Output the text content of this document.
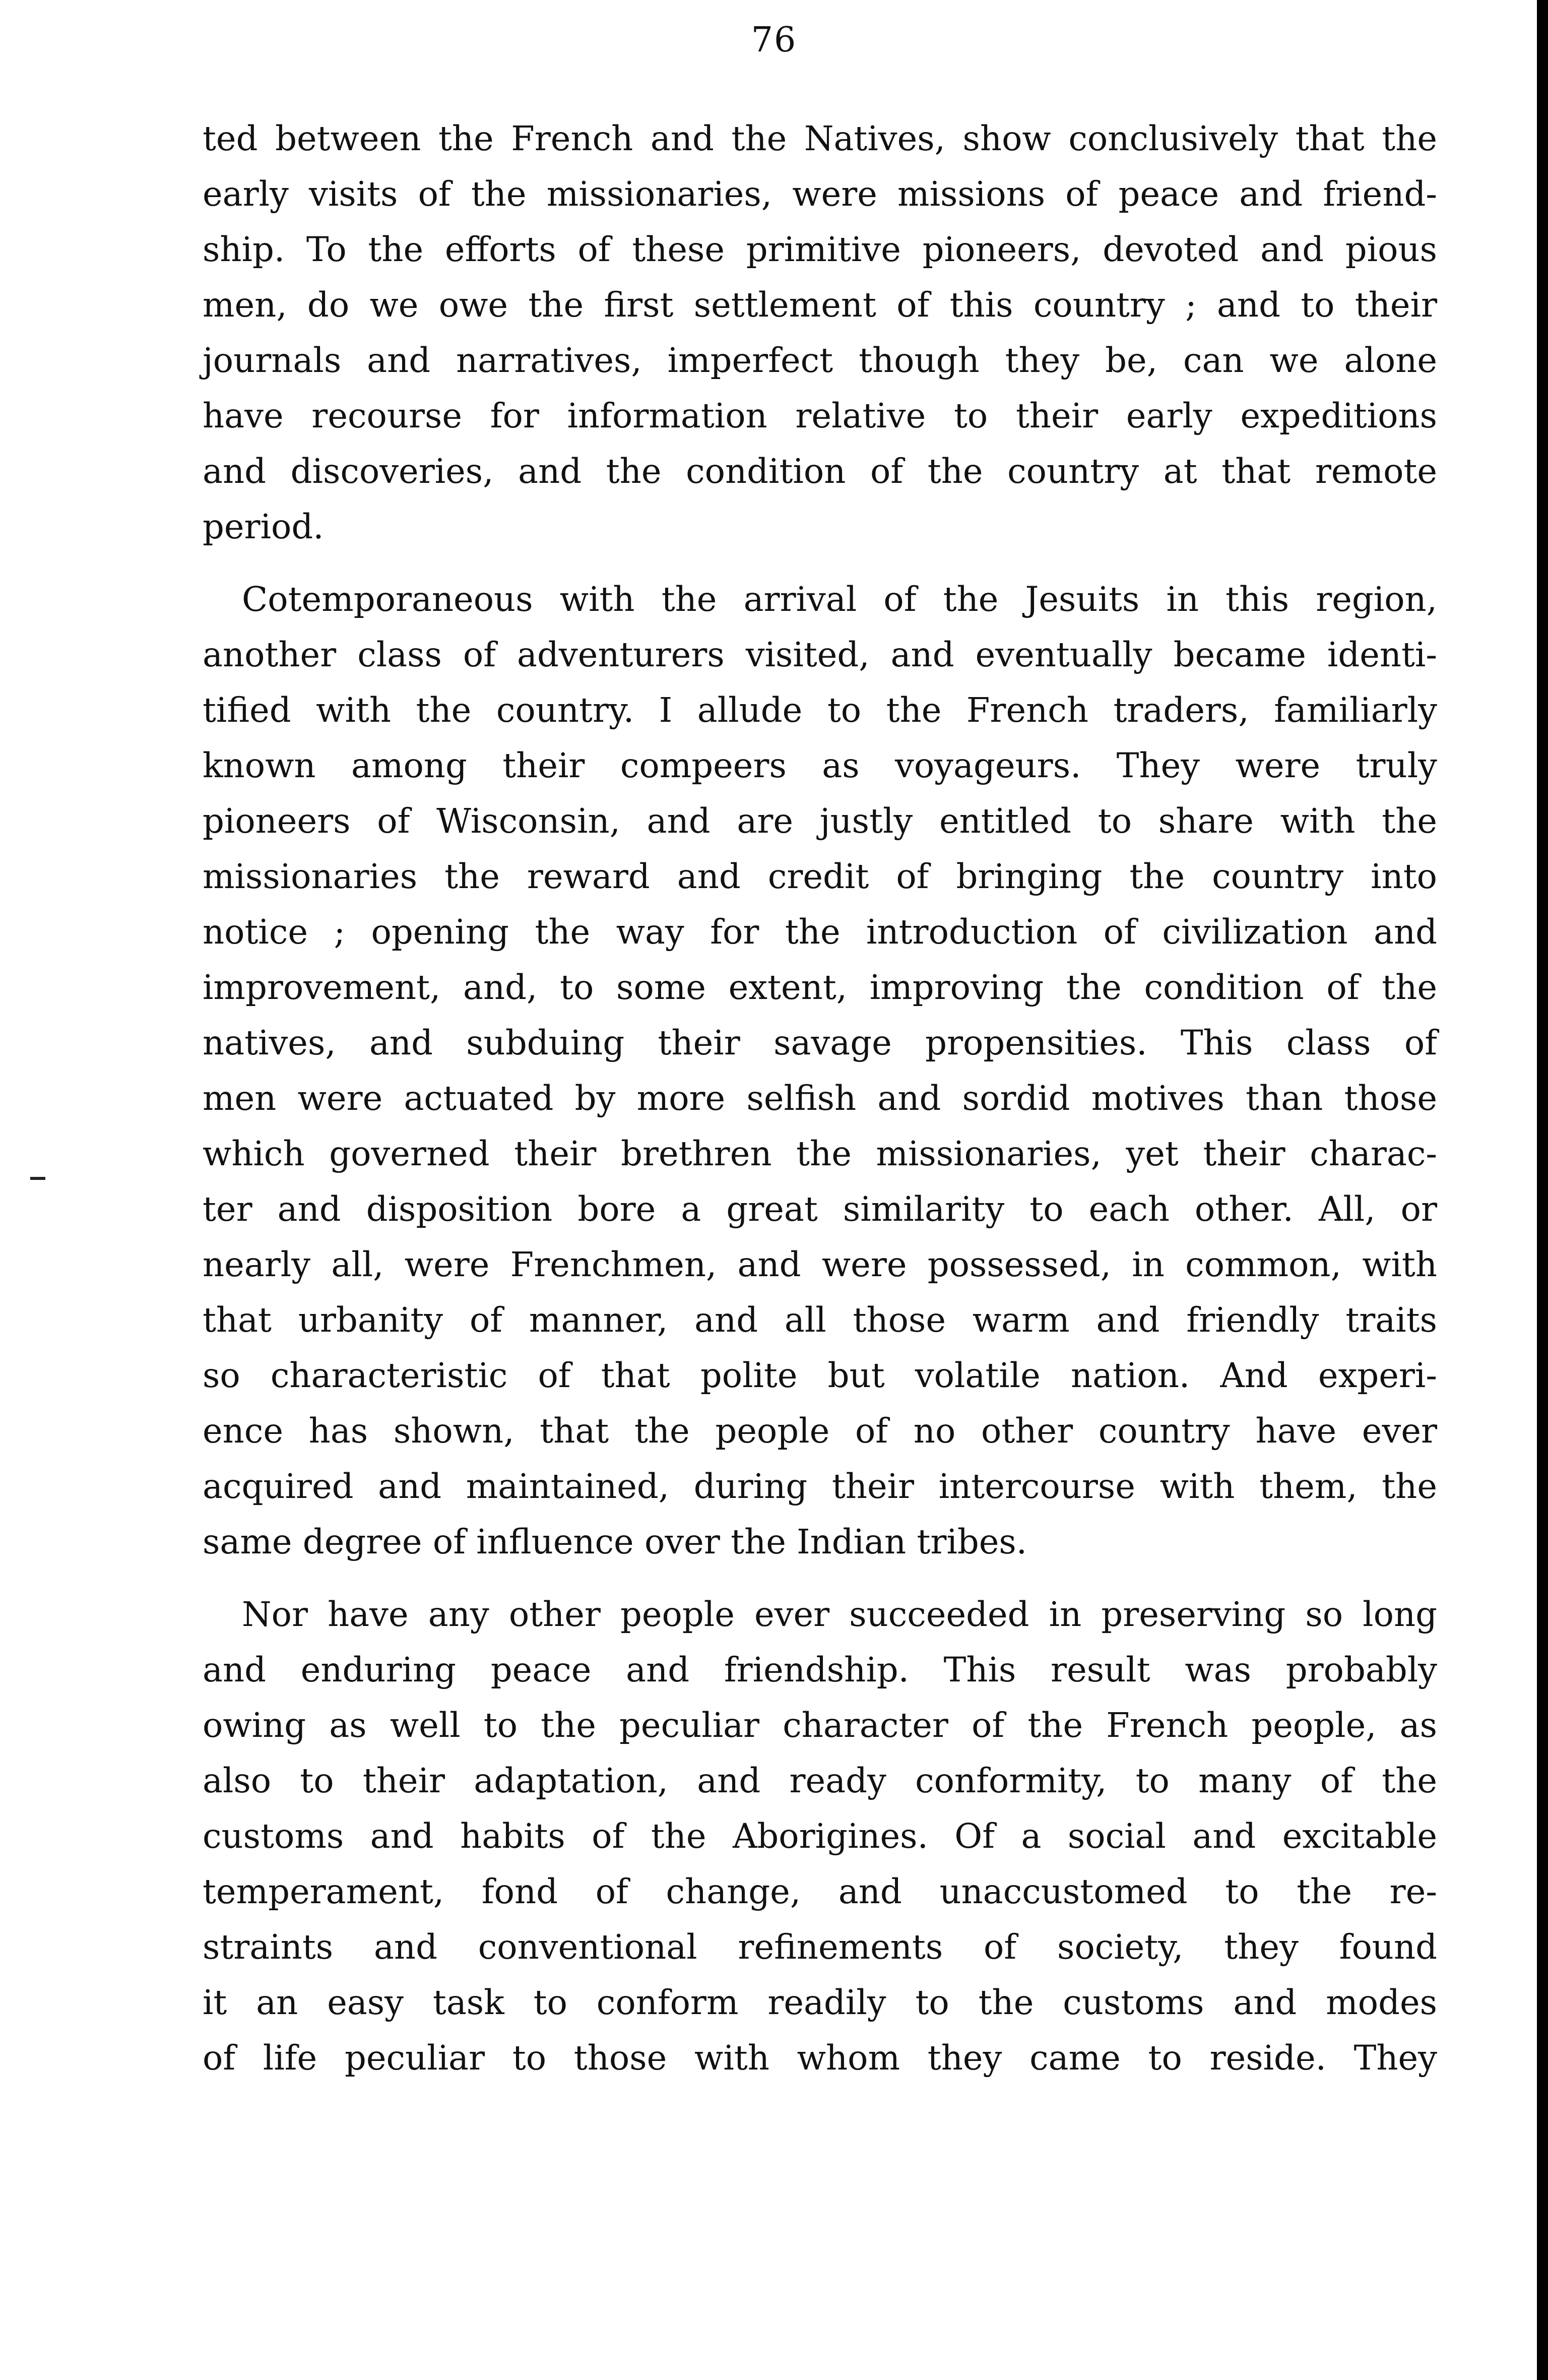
76

ted between the French and the Natives, show conclusively that the
early visits of the missionaries, were missions of peace and friend-
ship. To the efforts of these primitive pioneers, devoted and pious
men, do we owe the first settlement of this country ; and to their
journals and narratives, imperfect though they be, can we alone
have recourse for information relative to their early expeditions
and discoveries, and the condition of the country at that remote
period.

Cotemporaneous with the arrival of the Jesuits in this region,
another class of adventurers visited, and eventually became identi-
tified with the country. I allude to the French traders, familiarly
known among their compeers as voyageurs. They were truly
pioneers of Wisconsin, and are justly entitled to share with the
missionaries the reward and credit of bringing the country into
notice ; opening the way for the introduction of civilization and
improvement, and, to some extent, improving the condition of the
natives, and subduing their savage propensities. This class of
men were actuated by more selfish and sordid motives than those
which governed their brethren the missionaries, yet their charac-
ter and disposition bore a great similarity to each other. All, or
nearly all, were Frenchmen, and were possessed, in common, with
that urbanity of manner, and all those warm and friendly traits
so characteristic of that polite but volatile nation. And experi-
ence has shown, that the people of no other country have ever
acquired and maintained, during their intercourse with them, the
same degree of influence over the Indian tribes.

Nor have any other people ever succeeded in preserving so long
and enduring peace and friendship. This result was probably
owing as well to the peculiar character of the French people, as
also to their adaptation, and ready conformity, to many of the
customs and habits of the Aborigines. Of a social and excitable
temperament, fond of change, and unaccustomed to the re-
straints and conventional refinements of society, they found
it an easy task to conform readily to the customs and modes
of life peculiar to those with whom they came to reside. They
